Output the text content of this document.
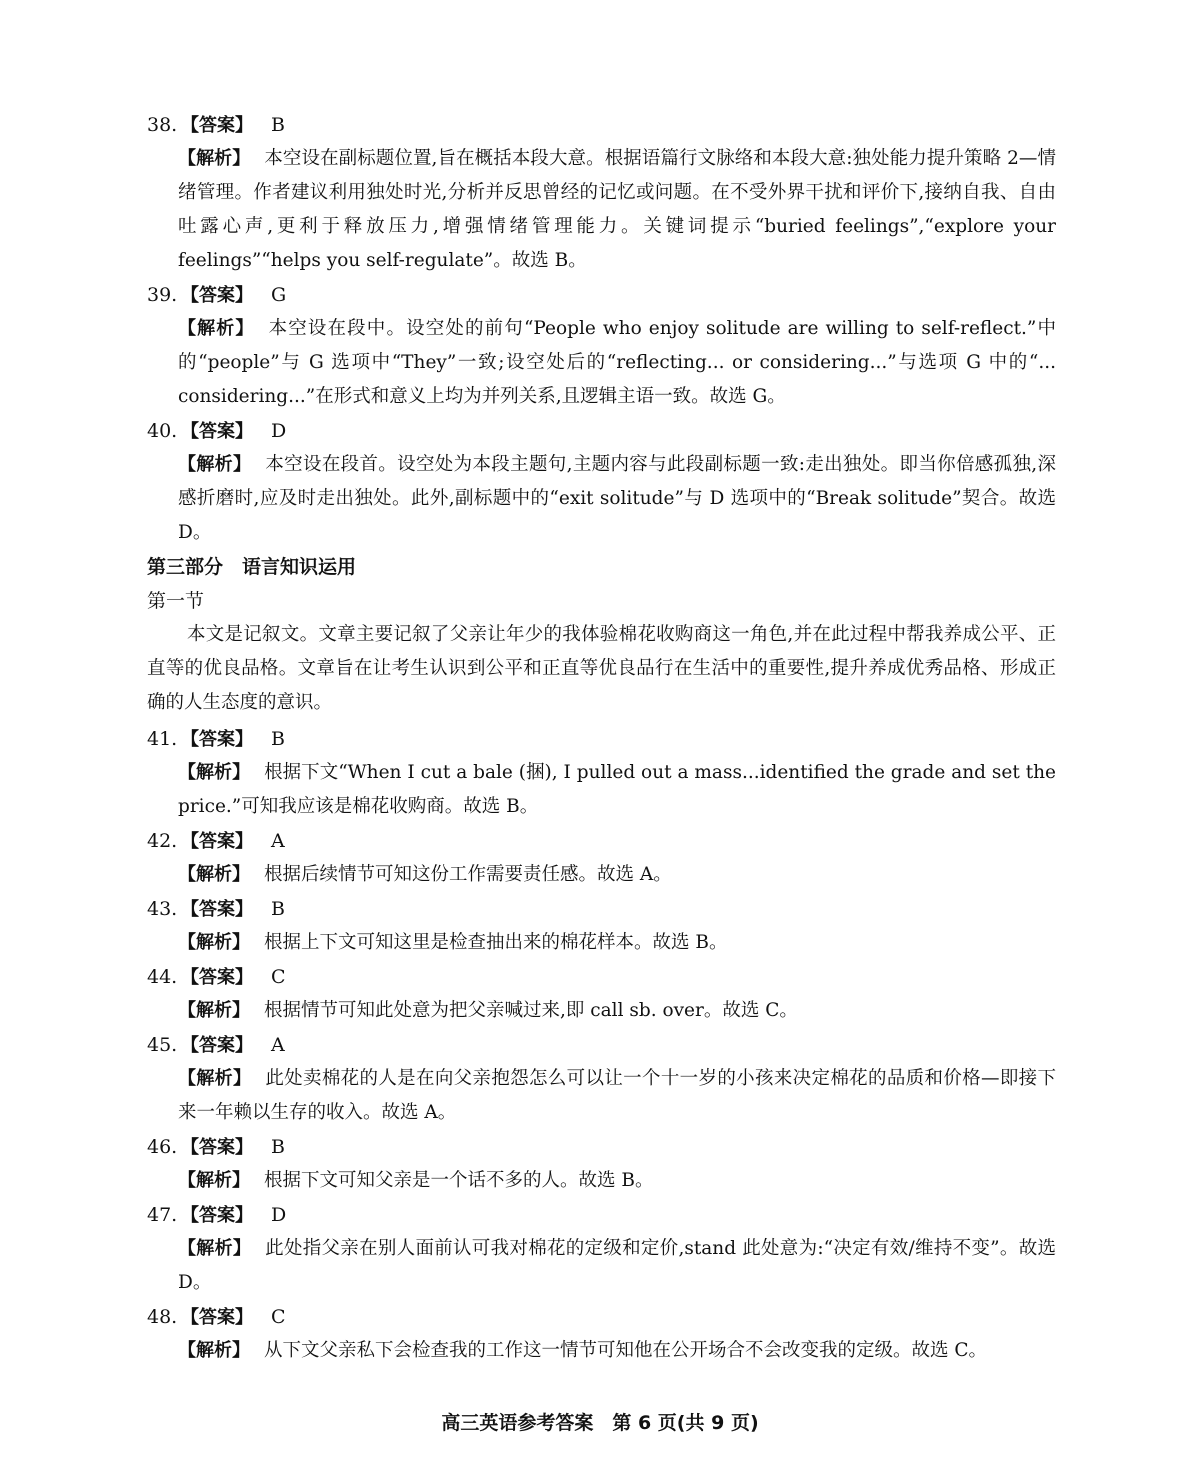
38. 【答案】 B
【解析】 本空设在副标题位置,旨在概括本段大意。根据语篇行文脉络和本段大意:独处能力提升策略 2—情绪管理。作者建议利用独处时光,分析并反思曾经的记忆或问题。在不受外界干扰和评价下,接纳自我、自由吐露心声,更利于释放压力,增强情绪管理能力。关键词提示“buried feelings”,“explore your feelings”“helps you self-regulate”。故选 B。
39. 【答案】 G
【解析】 本空设在段中。设空处的前句“People who enjoy solitude are willing to self-reflect.”中的“people”与 G 选项中“They”一致;设空处后的“reflecting... or considering...”与选项 G 中的“... considering...”在形式和意义上均为并列关系,且逻辑主语一致。故选 G。
40. 【答案】 D
【解析】 本空设在段首。设空处为本段主题句,主题内容与此段副标题一致:走出独处。即当你倍感孤独,深感折磨时,应及时走出独处。此外,副标题中的“exit solitude”与 D 选项中的“Break solitude”契合。故选 D。
第三部分　语言知识运用
第一节
本文是记叙文。文章主要记叙了父亲让年少的我体验棉花收购商这一角色,并在此过程中帮我养成公平、正直等的优良品格。文章旨在让考生认识到公平和正直等优良品行在生活中的重要性,提升养成优秀品格、形成正确的人生态度的意识。
41. 【答案】 B
【解析】 根据下文“When I cut a bale (捆), I pulled out a mass...identified the grade and set the price.”可知我应该是棉花收购商。故选 B。
42. 【答案】 A
【解析】 根据后续情节可知这份工作需要责任感。故选 A。
43. 【答案】 B
【解析】 根据上下文可知这里是检查抽出来的棉花样本。故选 B。
44. 【答案】 C
【解析】 根据情节可知此处意为把父亲喊过来,即 call sb. over。故选 C。
45. 【答案】 A
【解析】 此处卖棉花的人是在向父亲抱怨怎么可以让一个十一岁的小孩来决定棉花的品质和价格—即接下来一年赖以生存的收入。故选 A。
46. 【答案】 B
【解析】 根据下文可知父亲是一个话不多的人。故选 B。
47. 【答案】 D
【解析】 此处指父亲在别人面前认可我对棉花的定级和定价,stand 此处意为:“决定有效/维持不变”。故选 D。
48. 【答案】 C
【解析】 从下文父亲私下会检查我的工作这一情节可知他在公开场合不会改变我的定级。故选 C。
高三英语参考答案　第 6 页(共 9 页)
